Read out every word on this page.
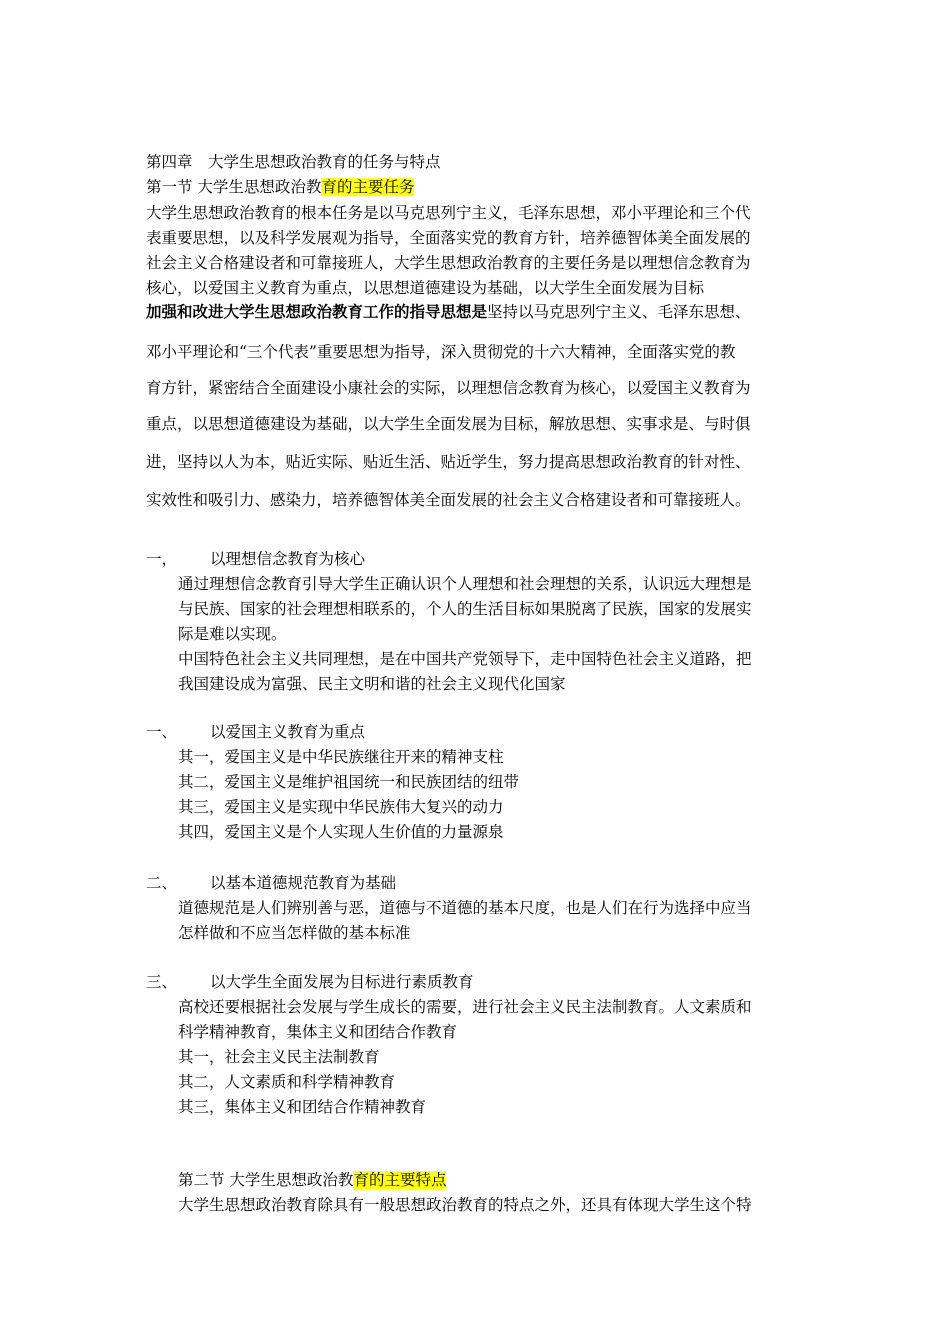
第四章　大学生思想政治教育的任务与特点
第一节 大学生思想政治教育的主要任务
大学生思想政治教育的根本任务是以马克思列宁主义，毛泽东思想，邓小平理论和三个代
表重要思想，以及科学发展观为指导，全面落实党的教育方针，培养德智体美全面发展的
社会主义合格建设者和可靠接班人，大学生思想政治教育的主要任务是以理想信念教育为
核心，以爱国主义教育为重点，以思想道德建设为基础，以大学生全面发展为目标
加强和改进大学生思想政治教育工作的指导思想是坚持以马克思列宁主义、毛泽东思想、
邓小平理论和“三个代表”重要思想为指导，深入贯彻党的十六大精神，全面落实党的教
育方针，紧密结合全面建设小康社会的实际，以理想信念教育为核心，以爱国主义教育为
重点，以思想道德建设为基础，以大学生全面发展为目标，解放思想、实事求是、与时俱
进，坚持以人为本，贴近实际、贴近生活、贴近学生，努力提高思想政治教育的针对性、
实效性和吸引力、感染力，培养德智体美全面发展的社会主义合格建设者和可靠接班人。
一， 以理想信念教育为核心
通过理想信念教育引导大学生正确认识个人理想和社会理想的关系，认识远大理想是
与民族、国家的社会理想相联系的，个人的生活目标如果脱离了民族，国家的发展实
际是难以实现。
中国特色社会主义共同理想，是在中国共产党领导下，走中国特色社会主义道路，把
我国建设成为富强、民主文明和谐的社会主义现代化国家
一、 以爱国主义教育为重点
其一，爱国主义是中华民族继往开来的精神支柱
其二，爱国主义是维护祖国统一和民族团结的纽带
其三，爱国主义是实现中华民族伟大复兴的动力
其四，爱国主义是个人实现人生价值的力量源泉
二、 以基本道德规范教育为基础
道德规范是人们辨别善与恶，道德与不道德的基本尺度，也是人们在行为选择中应当
怎样做和不应当怎样做的基本标准
三、 以大学生全面发展为目标进行素质教育
高校还要根据社会发展与学生成长的需要，进行社会主义民主法制教育。人文素质和
科学精神教育，集体主义和团结合作教育
其一，社会主义民主法制教育
其二，人文素质和科学精神教育
其三，集体主义和团结合作精神教育
第二节 大学生思想政治教育的主要特点
大学生思想政治教育除具有一般思想政治教育的特点之外，还具有体现大学生这个特
